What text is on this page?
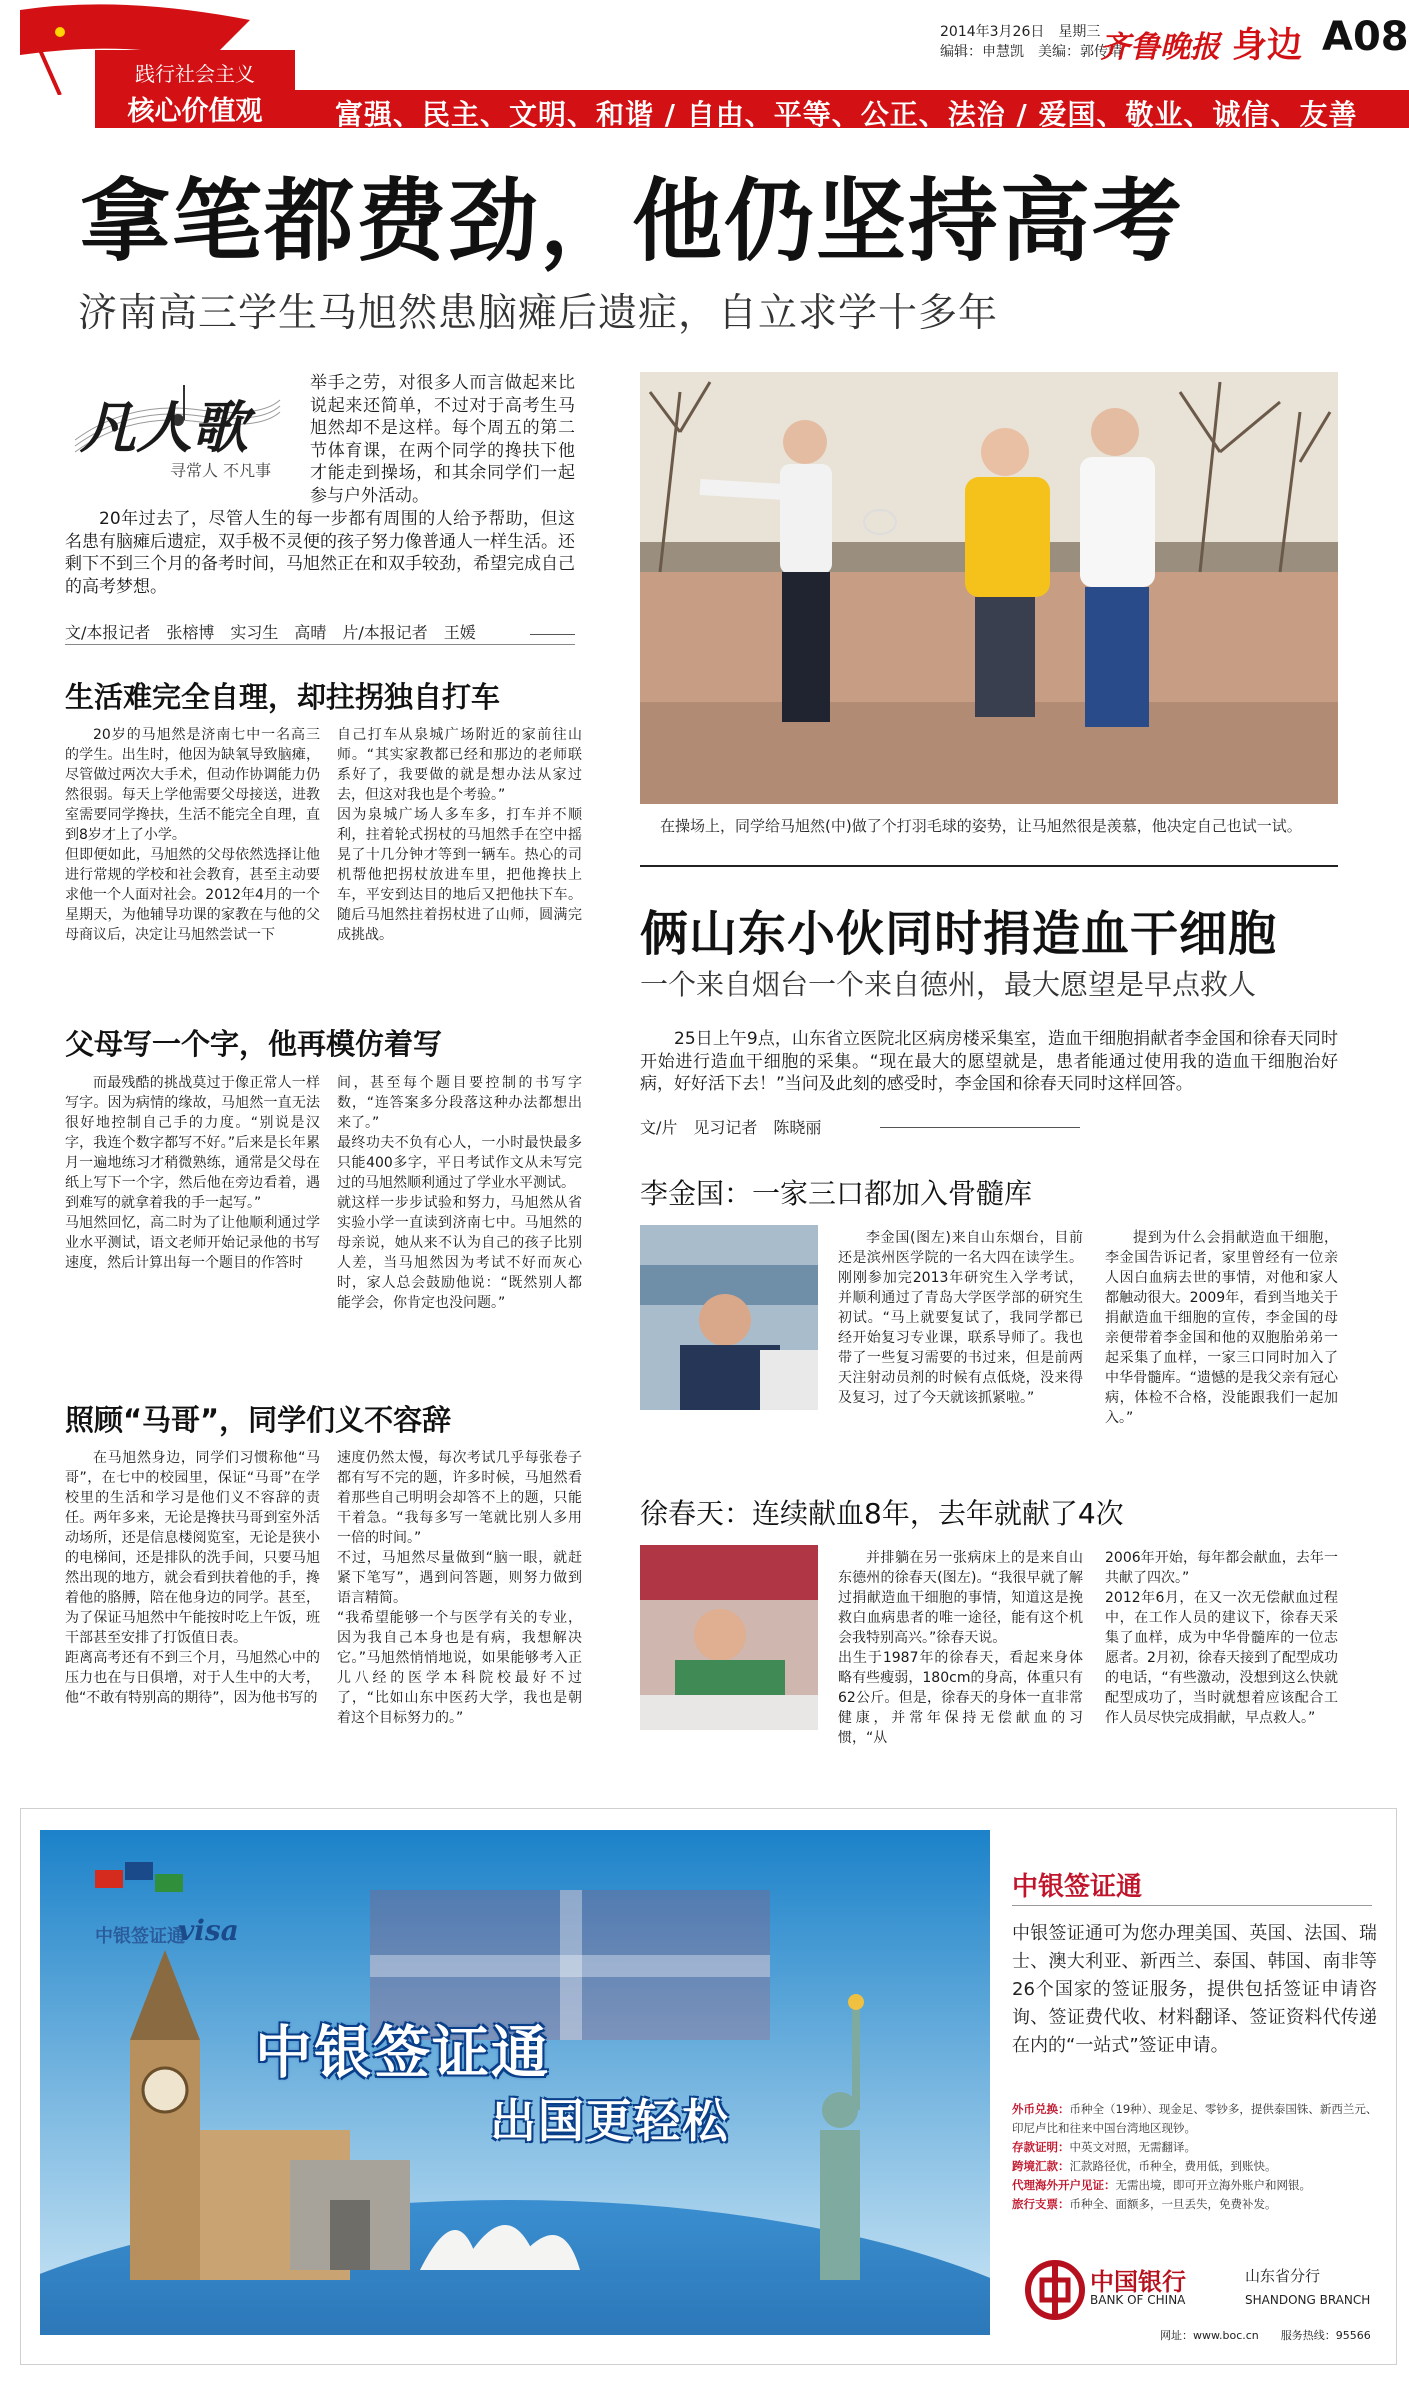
践行社会主义
核心价值观	富强、民主、文明、和谐 / 自由、平等、公正、法治 / 爱国、敬业、诚信、友善
2014年3月26日　星期三
编辑：申慧凯　美编：郭传靖
齐鲁晚报 身边 A08
拿笔都费劲，他仍坚持高考
济南高三学生马旭然患脑瘫后遗症，自立求学十多年
凡人歌
寻常人 不凡事

举手之劳，对很多人而言做起来比说起来还简单，不过对于高考生马旭然却不是这样。每个周五的第二节体育课，在两个同学的搀扶下他才能走到操场，和其余同学们一起参与户外活动。

20年过去了，尽管人生的每一步都有周围的人给予帮助，但这名患有脑瘫后遗症，双手极不灵便的孩子努力像普通人一样生活。还剩下不到三个月的备考时间，马旭然正在和双手较劲，希望完成自己的高考梦想。

文/本报记者　张榕博　实习生　高晴　片/本报记者　王媛
生活难完全自理，却拄拐独自打车
20岁的马旭然是济南七中一名高三的学生。出生时，他因为缺氧导致脑瘫，尽管做过两次大手术，但动作协调能力仍然很弱。每天上学他需要父母接送，进教室需要同学搀扶，生活不能完全自理，直到8岁才上了小学。
但即便如此，马旭然的父母依然选择让他进行常规的学校和社会教育，甚至主动要求他一个人面对社会。2012年4月的一个星期天，为他辅导功课的家教在与他的父母商议后，决定让马旭然尝试一下
自己打车从泉城广场附近的家前往山师。“其实家教都已经和那边的老师联系好了，我要做的就是想办法从家过去，但这对我也是个考验。”
因为泉城广场人多车多，打车并不顺利，拄着轮式拐杖的马旭然手在空中摇晃了十几分钟才等到一辆车。热心的司机帮他把拐杖放进车里，把他搀扶上车，平安到达目的地后又把他扶下车。随后马旭然拄着拐杖进了山师，圆满完成挑战。
父母写一个字，他再模仿着写
而最残酷的挑战莫过于像正常人一样写字。因为病情的缘故，马旭然一直无法很好地控制自己手的力度。“别说是汉字，我连个数字都写不好。”后来是长年累月一遍地练习才稍微熟练，通常是父母在纸上写下一个字，然后他在旁边看着，遇到难写的就拿着我的手一起写。”
马旭然回忆，高二时为了让他顺利通过学业水平测试，语文老师开始记录他的书写速度，然后计算出每一个题目的作答时
间，甚至每个题目要控制的书写字数，“连答案多分段落这种办法都想出来了。”
最终功夫不负有心人，一小时最快最多只能400多字，平日考试作文从未写完过的马旭然顺利通过了学业水平测试。
就这样一步步试验和努力，马旭然从省实验小学一直读到济南七中。马旭然的母亲说，她从来不认为自己的孩子比别人差，当马旭然因为考试不好而灰心时，家人总会鼓励他说：“既然别人都能学会，你肯定也没问题。”
照顾“马哥”，同学们义不容辞
在马旭然身边，同学们习惯称他“马哥”，在七中的校园里，保证“马哥”在学校里的生活和学习是他们义不容辞的责任。两年多来，无论是搀扶马哥到室外活动场所，还是信息楼阅览室，无论是狭小的电梯间，还是排队的洗手间，只要马旭然出现的地方，就会看到扶着他的手，搀着他的胳膊，陪在他身边的同学。甚至，为了保证马旭然中午能按时吃上午饭，班干部甚至安排了打饭值日表。
距离高考还有不到三个月，马旭然心中的压力也在与日俱增，对于人生中的大考，他“不敢有特别高的期待”，因为他书写的
速度仍然太慢，每次考试几乎每张卷子都有写不完的题，许多时候，马旭然看着那些自己明明会却答不上的题，只能干着急。“我每多写一笔就比别人多用一倍的时间。”
不过，马旭然尽量做到“脑一眼，就赶紧下笔写”，遇到问答题，则努力做到语言精简。
“我希望能够一个与医学有关的专业，因为我自己本身也是有病，我想解决它。”马旭然悄悄地说，如果能够考入正儿八经的医学本科院校最好不过了，“比如山东中医药大学，我也是朝着这个目标努力的。”
在操场上，同学给马旭然(中)做了个打羽毛球的姿势，让马旭然很是羡慕，他决定自己也试一试。
俩山东小伙同时捐造血干细胞
一个来自烟台一个来自德州，最大愿望是早点救人

25日上午9点，山东省立医院北区病房楼采集室，造血干细胞捐献者李金国和徐春天同时开始进行造血干细胞的采集。“现在最大的愿望就是，患者能通过使用我的造血干细胞治好病，好好活下去！”当问及此刻的感受时，李金国和徐春天同时这样回答。

文/片　见习记者　陈晓丽
李金国：一家三口都加入骨髓库
李金国(图左)来自山东烟台，目前还是滨州医学院的一名大四在读学生。刚刚参加完2013年研究生入学考试，并顺利通过了青岛大学医学部的研究生初试。“马上就要复试了，我同学都已经开始复习专业课，联系导师了。我也带了一些复习需要的书过来，但是前两天注射动员剂的时候有点低烧，没来得及复习，过了今天就该抓紧啦。”
提到为什么会捐献造血干细胞，李金国告诉记者，家里曾经有一位亲人因白血病去世的事情，对他和家人都触动很大。2009年，看到当地关于捐献造血干细胞的宣传，李金国的母亲便带着李金国和他的双胞胎弟弟一起采集了血样，一家三口同时加入了中华骨髓库。“遗憾的是我父亲有冠心病，体检不合格，没能跟我们一起加入。”
徐春天：连续献血8年，去年就献了4次
并排躺在另一张病床上的是来自山东德州的徐春天(图左)。“我很早就了解过捐献造血干细胞的事情，知道这是挽救白血病患者的唯一途径，能有这个机会我特别高兴。”徐春天说。
出生于1987年的徐春天，看起来身体略有些瘦弱，180cm的身高，体重只有62公斤。但是，徐春天的身体一直非常健康，并常年保持无偿献血的习惯，“从
2006年开始，每年都会献血，去年一共献了四次。”
2012年6月，在又一次无偿献血过程中，在工作人员的建议下，徐春天采集了血样，成为中华骨髓库的一位志愿者。2月初，徐春天接到了配型成功的电话，“有些激动，没想到这么快就配型成功了，当时就想着应该配合工作人员尽快完成捐献，早点救人。”
中银签证通
visa
中银签证通
出国更轻松
中银签证通

中银签证通可为您办理美国、英国、法国、瑞士、澳大利亚、新西兰、泰国、韩国、南非等26个国家的签证服务，提供包括签证申请咨询、签证费代收、材料翻译、签证资料代传递在内的“一站式”签证申请。

外币兑换：币种全（19种）、现金足、零钞多，提供泰国铢、新西兰元、印尼卢比和往来中国台湾地区现钞。
存款证明：中英文对照，无需翻译。
跨境汇款：汇款路径优，币种全，费用低，到账快。
代理海外开户见证：无需出境，即可开立海外账户和网银。
旅行支票：币种全、面额多，一旦丢失，免费补发。
中国银行
BANK OF CHINA
山东省分行
SHANDONG BRANCH
网址：www.boc.cn　　服务热线：95566
